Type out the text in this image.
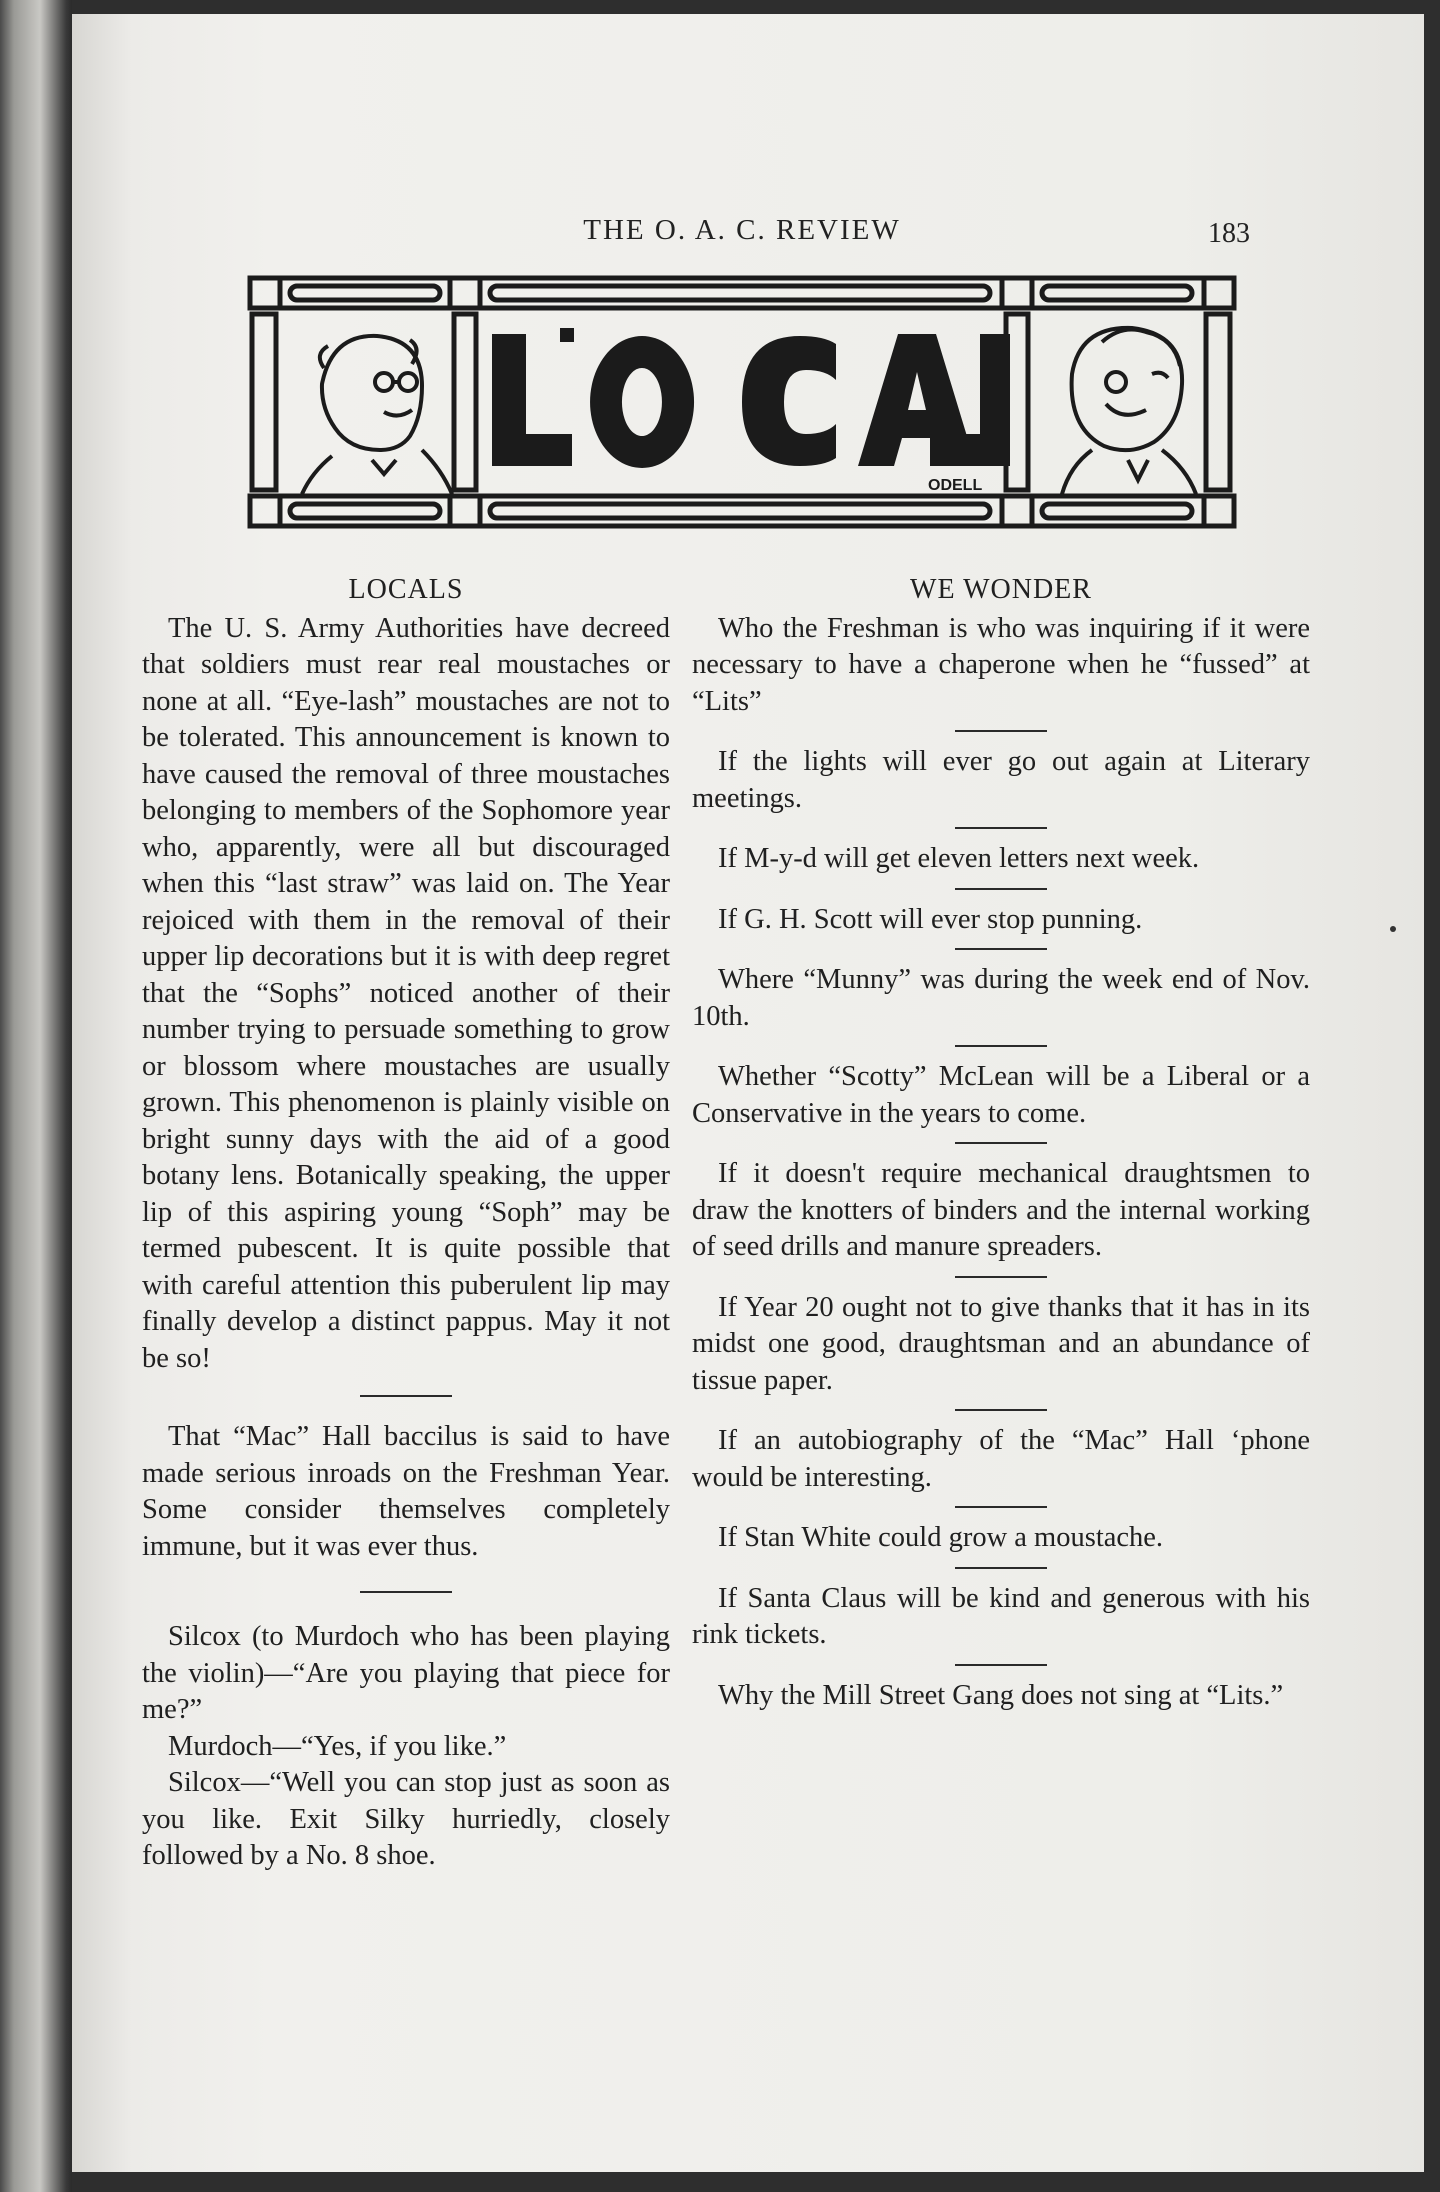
THE O. A. C. REVIEW	183
ODELL
LOCALS

The U. S. Army Authorities have decreed that soldiers must rear real moustaches or none at all. “Eye-lash” moustaches are not to be tolerated. This announcement is known to have caused the removal of three moustaches belonging to members of the Sophomore year who, apparently, were all but discouraged when this “last straw” was laid on. The Year rejoiced with them in the removal of their upper lip decorations but it is with deep regret that the “Sophs” noticed another of their number trying to persuade something to grow or blossom where moustaches are usually grown. This phenomenon is plainly visible on bright sunny days with the aid of a good botany lens. Botanically speaking, the upper lip of this aspiring young “Soph” may be termed pubescent. It is quite possible that with careful attention this puberulent lip may finally develop a distinct pappus. May it not be so!

That “Mac” Hall baccilus is said to have made serious inroads on the Freshman Year. Some consider themselves completely immune, but it was ever thus.

Silcox (to Murdoch who has been playing the violin)—“Are you playing that piece for me?”

Murdoch—“Yes, if you like.”

Silcox—“Well you can stop just as soon as you like. Exit Silky hurriedly, closely followed by a No. 8 shoe.

WE WONDER

Who the Freshman is who was inquiring if it were necessary to have a chaperone when he “fussed” at “Lits”

If the lights will ever go out again at Literary meetings.

If M-y-d will get eleven letters next week.

If G. H. Scott will ever stop punning.

Where “Munny” was during the week end of Nov. 10th.

Whether “Scotty” McLean will be a Liberal or a Conservative in the years to come.

If it doesn't require mechanical draughtsmen to draw the knotters of binders and the internal working of seed drills and manure spreaders.

If Year 20 ought not to give thanks that it has in its midst one good, draughtsman and an abundance of tissue paper.

If an autobiography of the “Mac” Hall ‘phone would be interesting.

If Stan White could grow a moustache.

If Santa Claus will be kind and generous with his rink tickets.

Why the Mill Street Gang does not sing at “Lits.”
